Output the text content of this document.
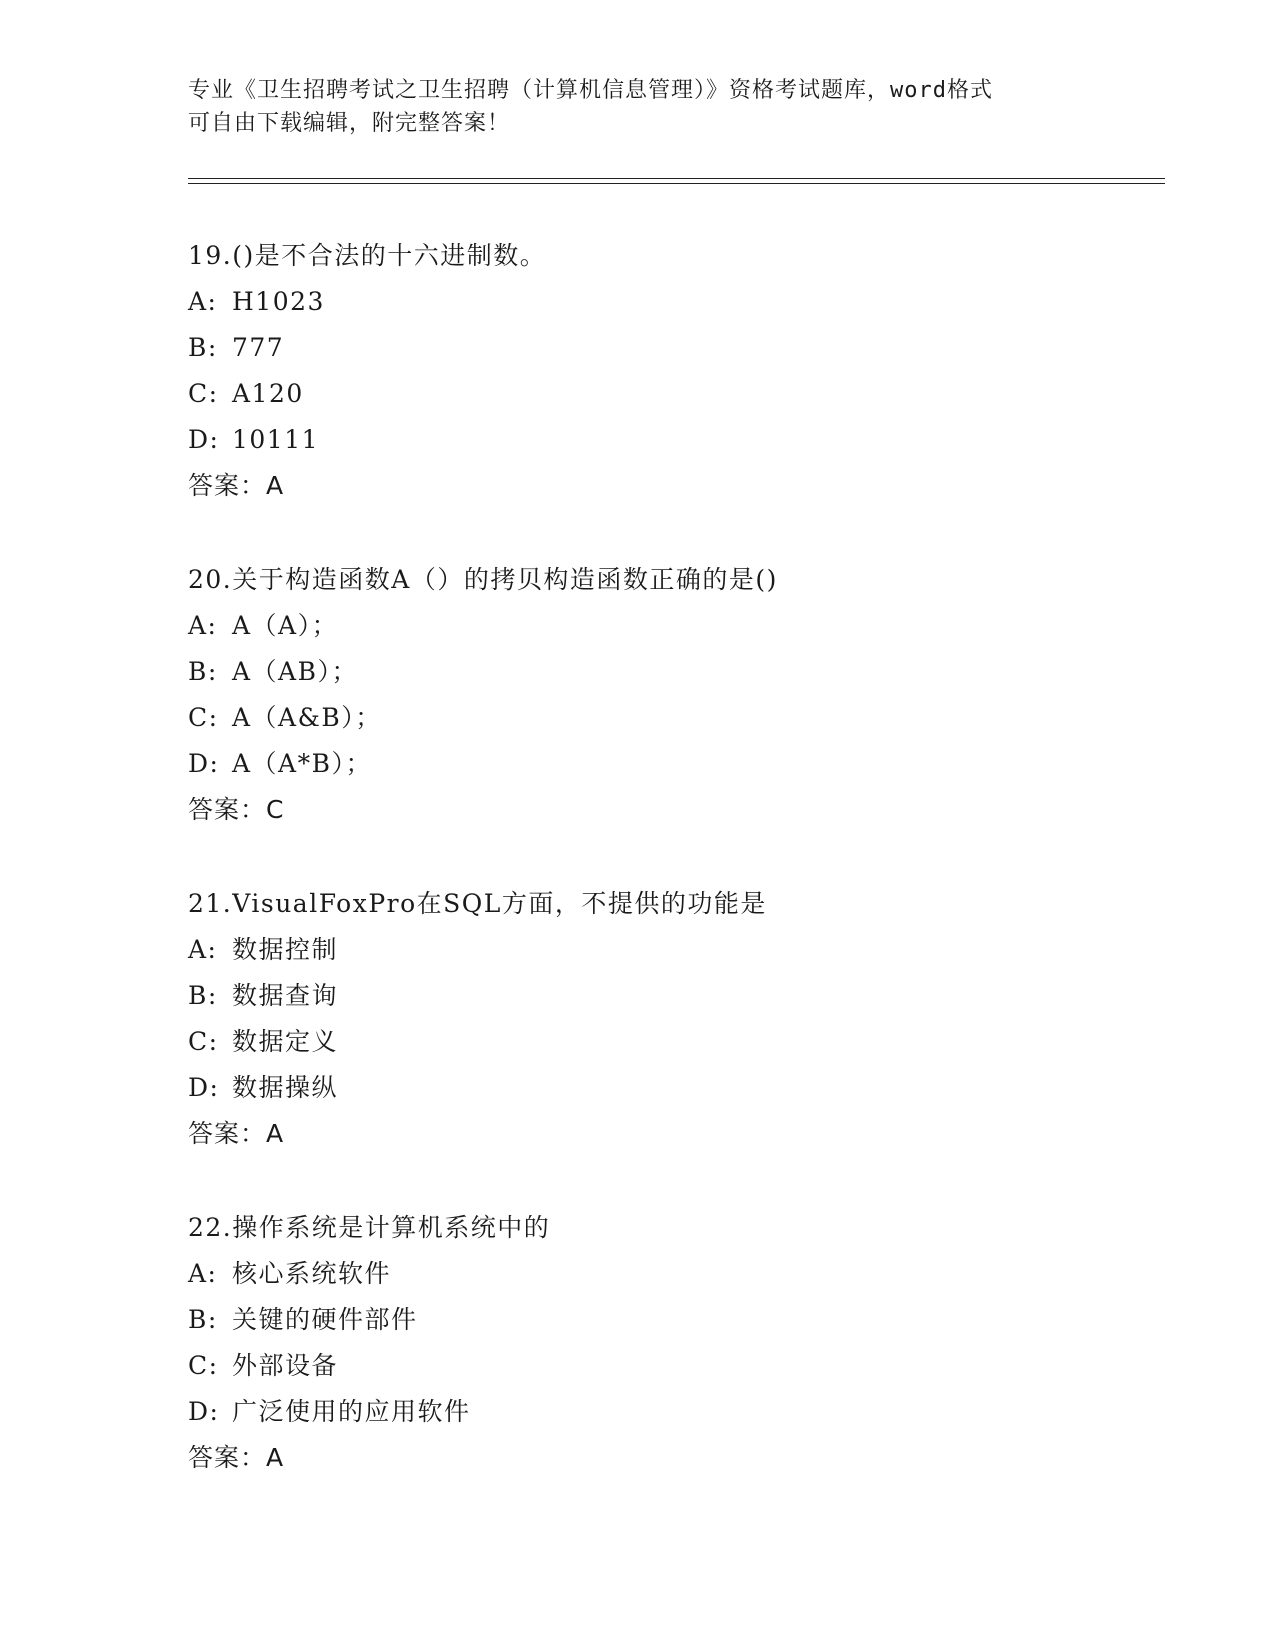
专业《卫生招聘考试之卫生招聘（计算机信息管理）》资格考试题库，word格式
可自由下载编辑，附完整答案！
19.()是不合法的十六进制数。
A: H1023
B: 777
C: A120
D: 10111
答案：A
20.关于构造函数A（）的拷贝构造函数正确的是()
A: A（A）；
B: A（AB）；
C: A（A&B）；
D: A（A*B）；
答案：C
21.VisualFoxPro在SQL方面，不提供的功能是
A: 数据控制
B: 数据查询
C: 数据定义
D: 数据操纵
答案：A
22.操作系统是计算机系统中的
A: 核心系统软件
B: 关键的硬件部件
C: 外部设备
D: 广泛使用的应用软件
答案：A
